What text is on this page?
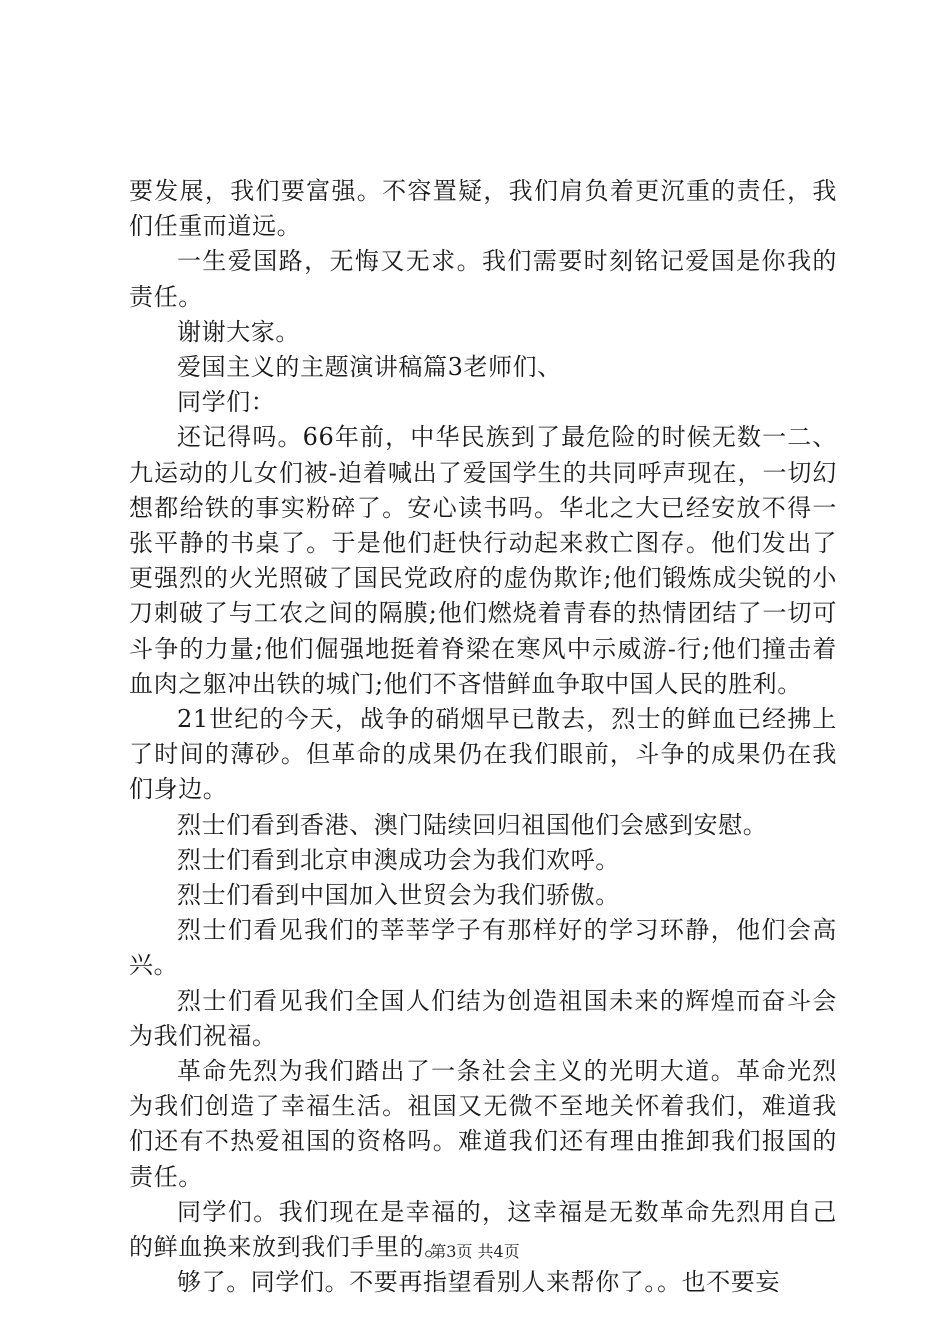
要发展，我们要富强。不容置疑，我们肩负着更沉重的责任，我们任重而道远。

一生爱国路，无悔又无求。我们需要时刻铭记爱国是你我的责任。

谢谢大家。

爱国主义的主题演讲稿篇3老师们、

同学们：

还记得吗。66年前，中华民族到了最危险的时候无数一二、九运动的儿女们被-迫着喊出了爱国学生的共同呼声现在，一切幻想都给铁的事实粉碎了。安心读书吗。华北之大已经安放不得一张平静的书桌了。于是他们赶快行动起来救亡图存。他们发出了更强烈的火光照破了国民党政府的虚伪欺诈;他们锻炼成尖锐的小刀刺破了与工农之间的隔膜;他们燃烧着青春的热情团结了一切可斗争的力量;他们倔强地挺着脊梁在寒风中示威游-行;他们撞击着血肉之躯冲出铁的城门;他们不吝惜鲜血争取中国人民的胜利。

21世纪的今天，战争的硝烟早已散去，烈士的鲜血已经拂上了时间的薄砂。但革命的成果仍在我们眼前，斗争的成果仍在我们身边。

烈士们看到香港、澳门陆续回归祖国他们会感到安慰。

烈士们看到北京申澳成功会为我们欢呼。

烈士们看到中国加入世贸会为我们骄傲。

烈士们看见我们的莘莘学子有那样好的学习环静，他们会高兴。

烈士们看见我们全国人们结为创造祖国未来的辉煌而奋斗会为我们祝福。

革命先烈为我们踏出了一条社会主义的光明大道。革命光烈为我们创造了幸福生活。祖国又无微不至地关怀着我们，难道我们还有不热爱祖国的资格吗。难道我们还有理由推卸我们报国的责任。

同学们。我们现在是幸福的，这幸福是无数革命先烈用自己的鲜血换来放到我们手里的。

够了。同学们。不要再指望看别人来帮你了。。也不要妄

第3页 共4页
